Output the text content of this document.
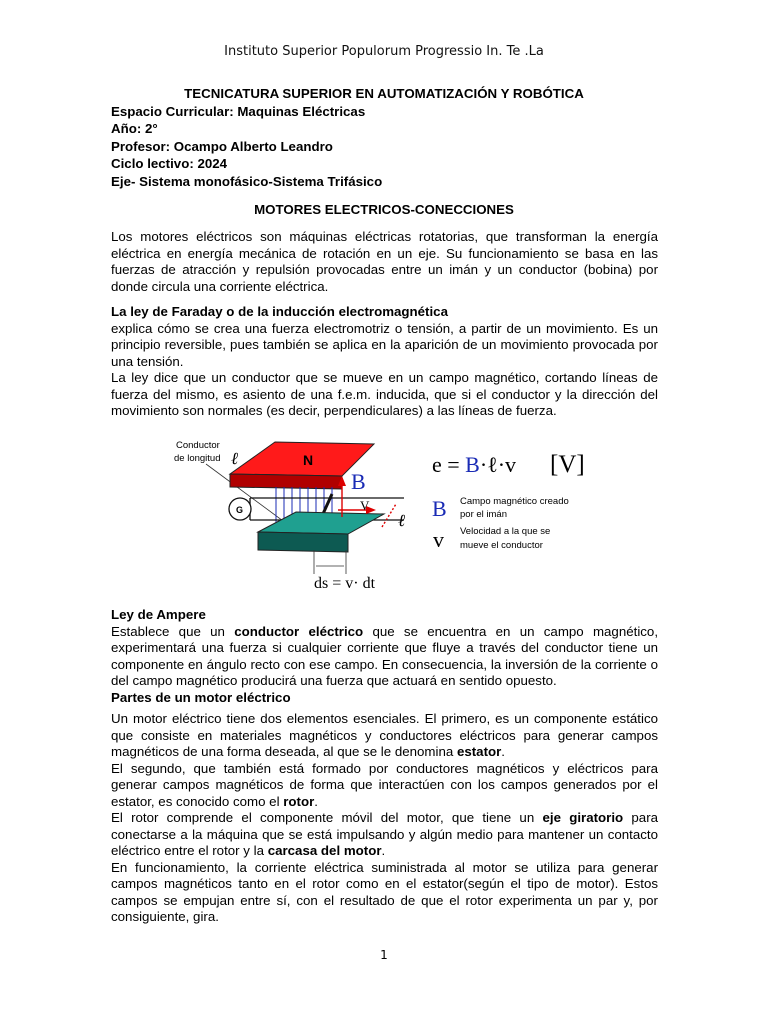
Instituto Superior Populorum Progressio In. Te .La
TECNICATURA SUPERIOR EN AUTOMATIZACIÓN Y ROBÓTICA
Espacio Curricular: Maquinas Eléctricas
Año: 2°
Profesor: Ocampo Alberto Leandro
Ciclo lectivo: 2024
Eje- Sistema monofásico-Sistema Trifásico
MOTORES ELECTRICOS-CONECCIONES
Los motores eléctricos son máquinas eléctricas rotatorias, que transforman la energía eléctrica en energía mecánica de rotación en un eje. Su funcionamiento se basa en las fuerzas de atracción y repulsión provocadas entre un imán y un conductor (bobina) por donde circula una corriente eléctrica.
La ley de Faraday o de la inducción electromagnética
explica cómo se crea una fuerza electromotriz o tensión, a partir de un movimiento. Es un principio reversible, pues también se aplica en la aparición de un movimiento provocada por una tensión.
La ley dice que un conductor que se mueve en un campo magnético, cortando líneas de fuerza del mismo, es asiento de una f.e.m. inducida, que si el conductor y la dirección del movimiento son normales (es decir, perpendiculares) a las líneas de fuerza.
Conductor
de longitud ℓ	N
G
B
V
ℓ
ds = v· dt
e = B·ℓ·v [V]
B Campo magnético creado
por el imán
v Velocidad a la que se
mueve el conductor
Ley de Ampere
Establece que un conductor eléctrico que se encuentra en un campo magnético, experimentará una fuerza si cualquier corriente que fluye a través del conductor tiene un componente en ángulo recto con ese campo. En consecuencia, la inversión de la corriente o del campo magnético producirá una fuerza que actuará en sentido opuesto.
Partes de un motor eléctrico
Un motor eléctrico tiene dos elementos esenciales. El primero, es un componente estático que consiste en materiales magnéticos y conductores eléctricos para generar campos magnéticos de una forma deseada, al que se le denomina estator.
El segundo, que también está formado por conductores magnéticos y eléctricos para generar campos magnéticos de forma que interactúen con los campos generados por el estator, es conocido como el rotor.
El rotor comprende el componente móvil del motor, que tiene un eje giratorio para conectarse a la máquina que se está impulsando y algún medio para mantener un contacto eléctrico entre el rotor y la carcasa del motor.
En funcionamiento, la corriente eléctrica suministrada al motor se utiliza para generar campos magnéticos tanto en el rotor como en el estator(según el tipo de motor). Estos campos se empujan entre sí, con el resultado de que el rotor experimenta un par y, por consiguiente, gira.
1
